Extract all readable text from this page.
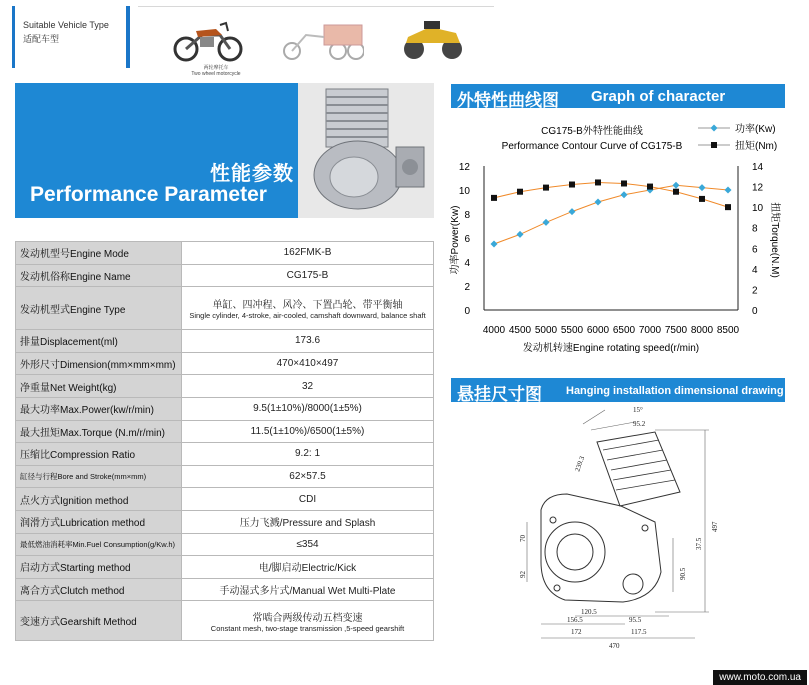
Suitable Vehicle Type
适配车型
两轮摩托车
Two wheel motorcycle
性能参数
Performance Parameter
发动机型号Engine Mode	162FMK-B
发动机俗称Engine Name	CG175-B
发动机型式Engine Type	单缸、四冲程、风冷、下置凸轮、带平衡轴
Single cylinder, 4-stroke, air-cooled, camshaft downward, balance shaft

排量Displacement(ml)	173.6
外形尺寸Dimension(mm×mm×mm)	470×410×497
净重量Net Weight(kg)	32
最大功率Max.Power(kw/r/min)	9.5(1±10%)/8000(1±5%)
最大扭矩Max.Torque (N.m/r/min)	11.5(1±10%)/6500(1±5%)
压缩比Compression Ratio	9.2: 1
缸径与行程Bore and Stroke(mm×mm)	62×57.5
点火方式Ignition method	CDI
润滑方式Lubrication method	压力飞溅/Pressure and Splash
最低燃油消耗率Min.Fuel Consumption(g/Kw.h)	≤354
启动方式Starting method	电/脚启动Electric/Kick
离合方式Clutch method	手动湿式多片式/Manual Wet Multi-Plate
变速方式Gearshift Method	常啮合两级传动五档变速
Constant mesh, two-stage transmission ,5-speed gearshift
外特性曲线图 Graph of character
CG175-B外特性能曲线
Performance Contour Curve of CG175-B
功率(Kw)
扭矩(Nm)
4000 4500 5000 5500 6000 6500 7000 7500 8000 8500
0
2
4
6
8
10
12
0
2
4
6
8
10
12
14
发动机转速Engine rotating speed(r/min)
功率Power(Kw)	扭矩Torque(N.M)
悬挂尺寸图 Hanging installation dimensional drawing
15°
95.2
239.3
497
70
92
37.5
90.5
120.5
156.5	95.5
172	117.5
470
www.moto.com.ua
